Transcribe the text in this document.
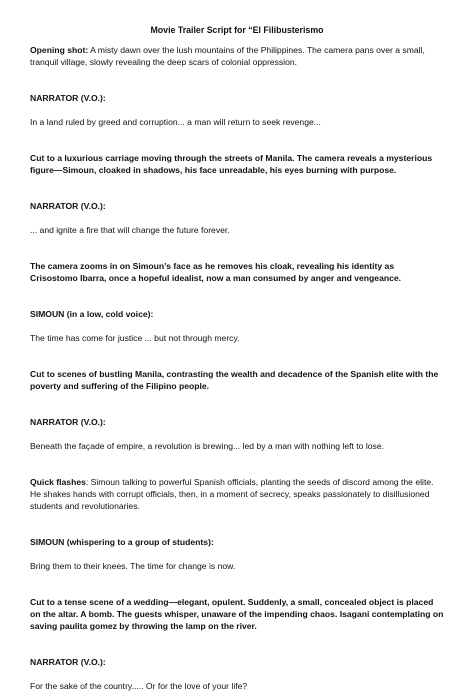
Movie Trailer Script for “El Filibusterismo

Opening shot: A misty dawn over the lush mountains of the Philippines. The camera pans over a small, tranquil village, slowly revealing the deep scars of colonial oppression.

NARRATOR (V.O.):

In a land ruled by greed and corruption... a man will return to seek revenge...

Cut to a luxurious carriage moving through the streets of Manila. The camera reveals a mysterious figure—Simoun, cloaked in shadows, his face unreadable, his eyes burning with purpose.

NARRATOR (V.O.):

... and ignite a fire that will change the future forever.

The camera zooms in on Simoun’s face as he removes his cloak, revealing his identity as Crisostomo Ibarra, once a hopeful idealist, now a man consumed by anger and vengeance.

SIMOUN (in a low, cold voice):

The time has come for justice ... but not through mercy.

Cut to scenes of bustling Manila, contrasting the wealth and decadence of the Spanish elite with the poverty and suffering of the Filipino people.

NARRATOR (V.O.):

Beneath the façade of empire, a revolution is brewing... led by a man with nothing left to lose.

Quick flashes: Simoun talking to powerful Spanish officials, planting the seeds of discord among the elite. He shakes hands with corrupt officials, then, in a moment of secrecy, speaks passionately to disillusioned students and revolutionaries.

SIMOUN (whispering to a group of students):

Bring them to their knees. The time for change is now.

Cut to a tense scene of a wedding—elegant, opulent. Suddenly, a small, concealed object is placed on the altar. A bomb. The guests whisper, unaware of the impending chaos. Isagani contemplating on saving paulita gomez by throwing the lamp on the river.

NARRATOR (V.O.):

For the sake of the country..... Or for the love of your life?
